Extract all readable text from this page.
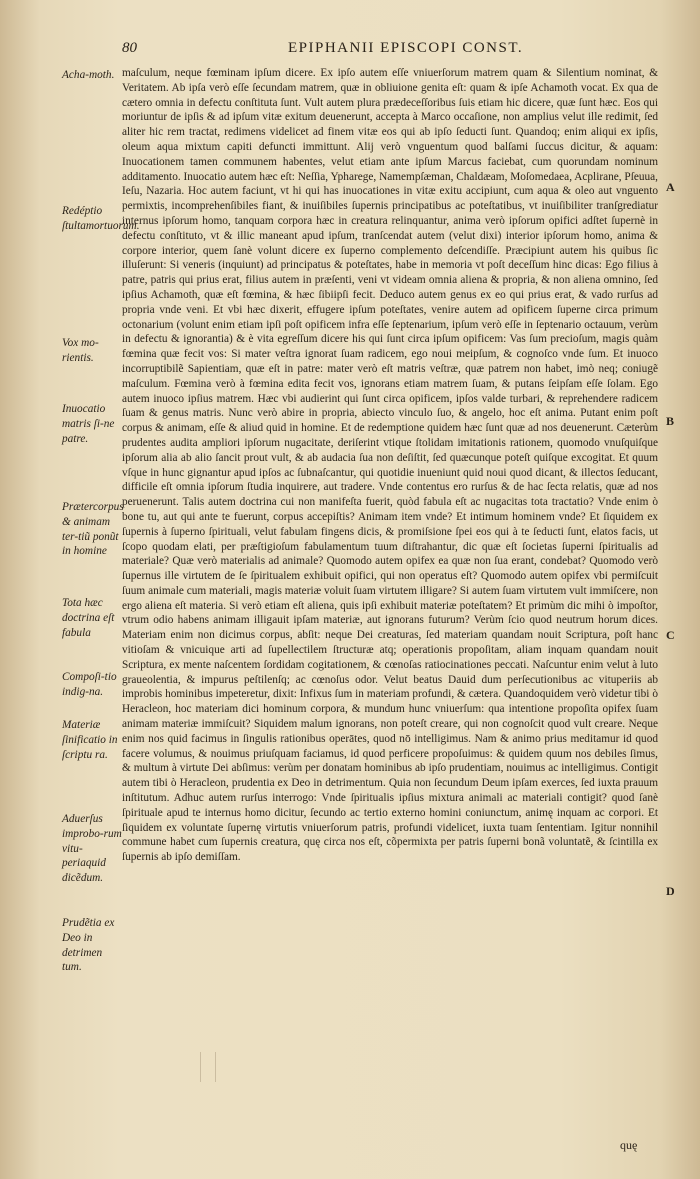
80	EPIPHANII EPISCOPI CONST.
Acha-moth.
Redéptio ſtultamortuorum.
Vox mo-rientis.
Inuocatio matris ſi-ne patre.
Prætercorpus & animam ter-tiũ ponũt in homine
Tota hæc doctrina eſt fabula
Compoſi-tio indig-na.
Materiæ ſinificatio in ſcriptu ra.
Aduerſus improbo-rum vitu-periaquid dicẽdum.
Prudẽtia ex Deo in detrimen tum.
A
B
C
D

maſculum, neque fœminam ipſum dicere. Ex ipſo autem eſſe vniuerſorum matrem quam & Silentium nominat, & Veritatem. Ab ipſa verò eſſe ſecundam matrem, quæ in obliuione genita eſt: quam & ipſe Achamoth vocat. Ex qua de cætero omnia in defectu conſtituta ſunt. Vult autem plura prædeceſſoribus ſuis etiam hic dicere, quæ ſunt hæc. Eos qui moriuntur de ipſis & ad ipſum vitæ exitum deuenerunt, accepta à Marco occaſione, non amplius velut ille redimit, ſed aliter hic rem tractat, redimens videlicet ad finem vitæ eos qui ab ipſo ſeducti ſunt. Quandoq; enim aliqui ex ipſis, oleum aqua mixtum capiti defuncti immittunt. Alij verò vnguentum quod balſami ſuccus dicitur, & aquam: Inuocationem tamen communem habentes, velut etiam ante ipſum Marcus faciebat, cum quorundam nominum additamento. Inuocatio autem hæc eſt: Neſſia, Ypharege, Namempſæman, Chaldæam, Moſomedaea, Acplirane, Pſeuua, Ieſu, Nazaria. Hoc autem faciunt, vt hi qui has inuocationes in vitæ exitu accipiunt, cum aqua & oleo aut vnguento permixtis, incomprehenſibiles fiant, & inuiſibiles ſupernis principatibus ac poteſtatibus, vt inuiſibiliter tranſgrediatur internus ipſorum homo, tanquam corpora hæc in creatura relinquantur, anima verò ipſorum opifici adſtet ſupernè in defectu conſtituto, vt & illic maneant apud ipſum, tranſcendat autem (velut dixi) interior ipſorum homo, anima & corpore interior, quem ſanè volunt dicere ex ſuperno complemento deſcendiſſe. Præcipiunt autem his quibus ſic illuſerunt: Si veneris (inquiunt) ad principatus & poteſtates, habe in memoria vt poſt deceſſum hinc dicas: Ego filius à patre, patris qui prius erat, filius autem in præſenti, veni vt videam omnia aliena & propria, & non aliena omnino, ſed ipſius Achamoth, quæ eſt fœmina, & hæc ſibiipſi fecit. Deduco autem genus ex eo qui prius erat, & vado rurſus ad propria vnde veni. Et vbi hæc dixerit, effugere ipſum poteſtates, venire autem ad opificem ſuperne circa primum octonarium (volunt enim etiam ipſi poſt opificem infra eſſe ſeptenarium, ipſum verò eſſe in ſeptenario octauum, verùm in defectu & ignorantia) & è vita egreſſum dicere his qui ſunt circa ipſum opificem: Vas ſum precioſum, magis quàm fœmina quæ fecit vos: Si mater veſtra ignorat ſuam radicem, ego noui meipſum, & cognoſco vnde ſum. Et inuoco incorruptibilẽ Sapientiam, quæ eſt in patre: mater verò eſt matris veſtræ, quæ patrem non habet, imò neq; coniugẽ maſculum. Fœmina verò à fœmina edita fecit vos, ignorans etiam matrem ſuam, & putans ſeipſam eſſe ſolam. Ego autem inuoco ipſius matrem. Hæc vbi audierint qui ſunt circa opificem, ipſos valde turbari, & reprehendere radicem ſuam & genus matris. Nunc verò abire in propria, abiecto vinculo ſuo, & angelo, hoc eſt anima. Putant enim poſt corpus & animam, eſſe & aliud quid in homine. Et de redemptione quidem hæc ſunt quæ ad nos deuenerunt. Cæterùm prudentes audita ampliori ipſorum nugacitate, deriſerint vtique ſtolidam imitationis rationem, quomodo vnuſquiſque ipſorum alia ab alio ſancit prout vult, & ab audacia ſua non deſiſtit, ſed quæcunque poteſt quiſque excogitat. Et quum vſque in hunc gignantur apud ipſos ac ſubnaſcantur, qui quotidie inueniunt quid noui quod dicant, & illectos ſeducant, difficile eſt omnia ipſorum ſtudia inquirere, aut tradere. Vnde contentus ero rurſus & de hac ſecta relatis, quæ ad nos peruenerunt. Talis autem doctrina cui non manifeſta fuerit, quòd fabula eſt ac nugacitas tota tractatio? Vnde enim ò bone tu, aut qui ante te fuerunt, corpus accepiſtis? Animam item vnde? Et intimum hominem vnde? Et ſiquidem ex ſupernis à ſuperno ſpirituali, velut fabulam fingens dicis, & promiſsione ſpei eos qui à te ſeducti ſunt, elatos facis, ut ſcopo quodam elati, per præſtigioſum fabulamentum tuum diſtrahantur, dic quæ eſt ſocietas ſuperni ſpiritualis ad materiale? Quæ verò materialis ad animale? Quomodo autem opifex ea quæ non ſua erant, condebat? Quomodo verò ſupernus ille virtutem de ſe ſpiritualem exhibuit opifici, qui non operatus eſt? Quomodo autem opifex vbi permiſcuit ſuum animale cum materiali, magis materiæ voluit ſuam virtutem illigare? Si autem ſuam virtutem vult immiſcere, non ergo aliena eſt materia. Si verò etiam eſt aliena, quis ipſi exhibuit materiæ poteſtatem? Et primùm dic mihi ò impoſtor, vtrum odio habens animam illigauit ipſam materiæ, aut ignorans futurum? Verùm ſcio quod neutrum horum dices. Materiam enim non dicimus corpus, abſit: neque Dei creaturas, ſed materiam quandam nouit Scriptura, poſt hanc vitioſam & vnicuique arti ad ſupellectilem ſtructuræ atq; operationis propoſitam, aliam inquam quandam nouit Scriptura, ex mente naſcentem ſordidam cogitationem, & cœnoſas ratiocinationes peccati. Naſcuntur enim velut à luto graueolentia, & impurus peſtilenſq; ac cœnoſus odor. Velut beatus Dauid dum perſecutionibus ac vituperiis ab improbis hominibus impeteretur, dixit: Infixus ſum in materiam profundi, & cætera. Quandoquidem verò videtur tibi ò Heracleon, hoc materiam dici hominum corpora, & mundum hunc vniuerſum: qua intentione propoſita opifex ſuam animam materiæ immiſcuit? Siquidem malum ignorans, non poteſt creare, qui non cognoſcit quod vult creare. Neque enim nos quid facimus in ſingulis rationibus operātes, quod nō intelligimus. Nam & animo prius meditamur id quod facere volumus, & nouimus priuſquam faciamus, id quod perficere propoſuimus: & quidem quum nos debiles ſimus, & multum à virtute Dei abſimus: verùm per donatam hominibus ab ipſo prudentiam, nouimus ac intelligimus. Contigit autem tibi ò Heracleon, prudentia ex Deo in detrimentum. Quia non ſecundum Deum ipſam exerces, ſed iuxta prauum inſtitutum. Adhuc autem rurſus interrogo: Vnde ſpiritualis ipſius mixtura animali ac materiali contigit? quod ſanè ſpirituale apud te internus homo dicitur, ſecundo ac tertio externo homini coniunctum, animę inquam ac corpori. Et ſiquidem ex voluntate ſupernę virtutis vniuerſorum patris, profundi videlicet, iuxta tuam ſententiam. Igitur nonnihil commune habet cum ſupernis creatura, quę circa nos eſt, cõpermixta per patris ſuperni bonã voluntatẽ, & ſcintilla ex ſupernis ab ipſo demiſſam.

quę
